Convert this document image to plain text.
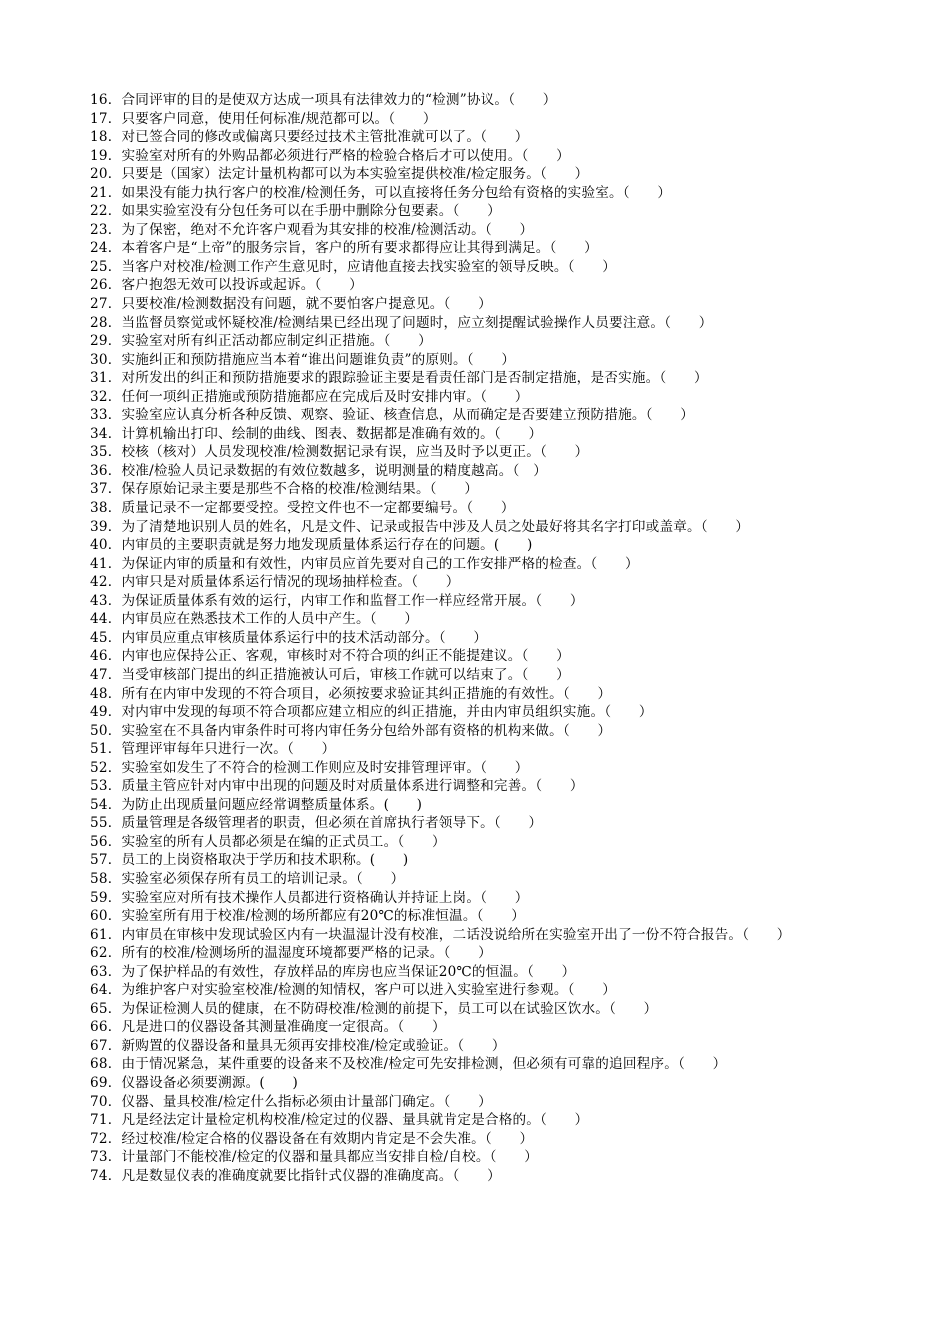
16．合同评审的目的是使双方达成一项具有法律效力的“检测”协议。（　　）
17．只要客户同意，使用任何标准/规范都可以。（　　）
18．对已签合同的修改或偏离只要经过技术主管批准就可以了。（　　）
19．实验室对所有的外购品都必须进行严格的检验合格后才可以使用。（　　）
20．只要是（国家）法定计量机构都可以为本实验室提供校准/检定服务。（　　）
21．如果没有能力执行客户的校准/检测任务，可以直接将任务分包给有资格的实验室。（　　）
22．如果实验室没有分包任务可以在手册中删除分包要素。（　　）
23．为了保密，绝对不允许客户观看为其安排的校准/检测活动。（　　）
24．本着客户是“上帝”的服务宗旨，客户的所有要求都得应让其得到满足。（　　）
25．当客户对校准/检测工作产生意见时，应请他直接去找实验室的领导反映。（　　）
26．客户抱怨无效可以投诉或起诉。（　　）
27．只要校准/检测数据没有问题，就不要怕客户提意见。（　　）
28．当监督员察觉或怀疑校准/检测结果已经出现了问题时，应立刻提醒试验操作人员要注意。（　　）
29．实验室对所有纠正活动都应制定纠正措施。（　　）
30．实施纠正和预防措施应当本着“谁出问题谁负责”的原则。（　　）
31．对所发出的纠正和预防措施要求的跟踪验证主要是看责任部门是否制定措施，是否实施。（　　）
32．任何一项纠正措施或预防措施都应在完成后及时安排内审。（　　）
33．实验室应认真分析各种反馈、观察、验证、核查信息，从而确定是否要建立预防措施。（　　）
34．计算机输出打印、绘制的曲线、图表、数据都是准确有效的。（　　）
35．校核（核对）人员发现校准/检测数据记录有误，应当及时予以更正。（　　）
36．校准/检验人员记录数据的有效位数越多，说明测量的精度越高。（　）
37．保存原始记录主要是那些不合格的校准/检测结果。（　　）
38．质量记录不一定都要受控。受控文件也不一定都要编号。（　　）
39．为了清楚地识别人员的姓名，凡是文件、记录或报告中涉及人员之处最好将其名字打印或盖章。（　　）
40．内审员的主要职责就是努力地发现质量体系运行存在的问题。(　　)
41．为保证内审的质量和有效性，内审员应首先要对自己的工作安排严格的检查。（　　）
42．内审只是对质量体系运行情况的现场抽样检查。（　　）
43．为保证质量体系有效的运行，内审工作和监督工作一样应经常开展。（　　）
44．内审员应在熟悉技术工作的人员中产生。（　　）
45．内审员应重点审核质量体系运行中的技术活动部分。（　　）
46．内审也应保持公正、客观，审核时对不符合项的纠正不能提建议。（　　）
47．当受审核部门提出的纠正措施被认可后，审核工作就可以结束了。（　　）
48．所有在内审中发现的不符合项目，必须按要求验证其纠正措施的有效性。（　　）
49．对内审中发现的每项不符合项都应建立相应的纠正措施，并由内审员组织实施。（　　）
50．实验室在不具备内审条件时可将内审任务分包给外部有资格的机构来做。（　　）
51．管理评审每年只进行一次。（　　）
52．实验室如发生了不符合的检测工作则应及时安排管理评审。（　　）
53．质量主管应针对内审中出现的问题及时对质量体系进行调整和完善。（　　）
54．为防止出现质量问题应经常调整质量体系。(　　)
55．质量管理是各级管理者的职责，但必须在首席执行者领导下。（　　）
56．实验室的所有人员都必须是在编的正式员工。（　　）
57．员工的上岗资格取决于学历和技术职称。(　　)
58．实验室必须保存所有员工的培训记录。（　　）
59．实验室应对所有技术操作人员都进行资格确认并持证上岗。（　　）
60．实验室所有用于校准/检测的场所都应有20℃的标准恒温。（　　）
61．内审员在审核中发现试验区内有一块温湿计没有校准，二话没说给所在实验室开出了一份不符合报告。（　　）
62．所有的校准/检测场所的温湿度环境都要严格的记录。（　　）
63．为了保护样品的有效性，存放样品的库房也应当保证20℃的恒温。（　　）
64．为维护客户对实验室校准/检测的知情权，客户可以进入实验室进行参观。（　　）
65．为保证检测人员的健康，在不防碍校准/检测的前提下，员工可以在试验区饮水。（　　）
66．凡是进口的仪器设备其测量准确度一定很高。（　　）
67．新购置的仪器设备和量具无须再安排校准/检定或验证。（　　）
68．由于情况紧急，某件重要的设备来不及校准/检定可先安排检测，但必须有可靠的追回程序。（　　）
69．仪器设备必须要溯源。(　　)
70．仪器、量具校准/检定什么指标必须由计量部门确定。（　　）
71．凡是经法定计量检定机构校准/检定过的仪器、量具就肯定是合格的。（　　）
72．经过校准/检定合格的仪器设备在有效期内肯定是不会失准。（　　）
73．计量部门不能校准/检定的仪器和量具都应当安排自检/自校。（　　）
74．凡是数显仪表的准确度就要比指针式仪器的准确度高。（　　）
